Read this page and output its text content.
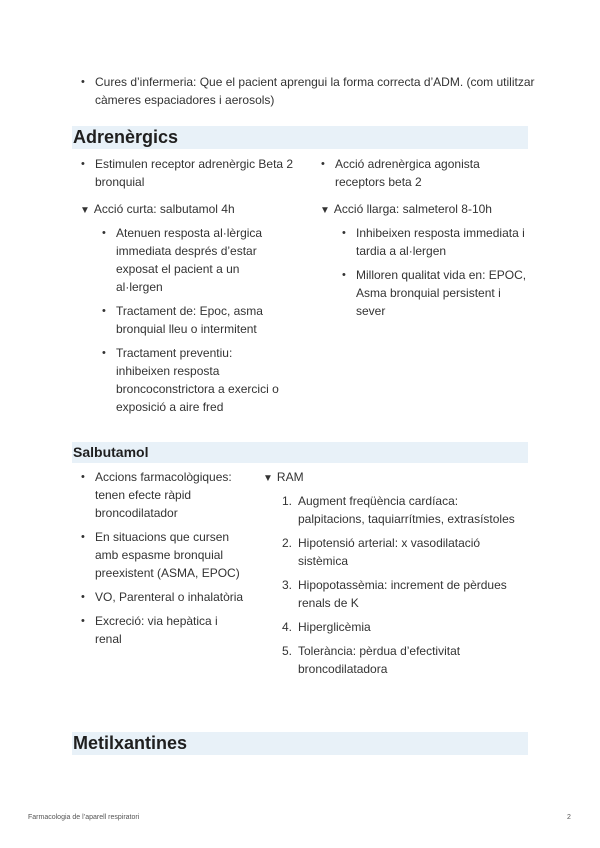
• Cures d’infermeria: Que el pacient aprengui la forma correcta d’ADM. (com utilitzar càmeres espaciadores i aerosols)
Adrenèrgics
• Estimulen receptor adrenèrgic Beta 2 bronquial
• Acció adrenèrgica agonista receptors beta 2
▼ Acció curta: salbutamol 4h
• Atenuen resposta al·lèrgica immediata després d’estar exposat el pacient a un al·lergen
• Tractament de: Epoc, asma bronquial lleu o intermitent
• Tractament preventiu: inhibeixen resposta broncoconstrictora a exercici o exposició a aire fred
▼ Acció llarga: salmeterol 8-10h
• Inhibeixen resposta immediata i tardia a al·lergen
• Milloren qualitat vida en: EPOC, Asma bronquial persistent i sever
Salbutamol
• Accions farmacològiques: tenen efecte ràpid broncodilatador
• En situacions que cursen amb espasme bronquial preexistent (ASMA, EPOC)
• VO, Parenteral o inhalatòria
• Excreció: via hepàtica i renal
▼ RAM
1. Augment freqüència cardíaca: palpitacions, taquiarrítmies, extrasístoles
2. Hipotensió arterial: x vasodilatació sistèmica
3. Hipopotassèmia: increment de pèrdues renals de K
4. Hiperglicèmia
5. Tolerància: pèrdua d’efectivitat broncodilatadora
Metilxantines
Farmacologia de l’aparell respiratori	2
